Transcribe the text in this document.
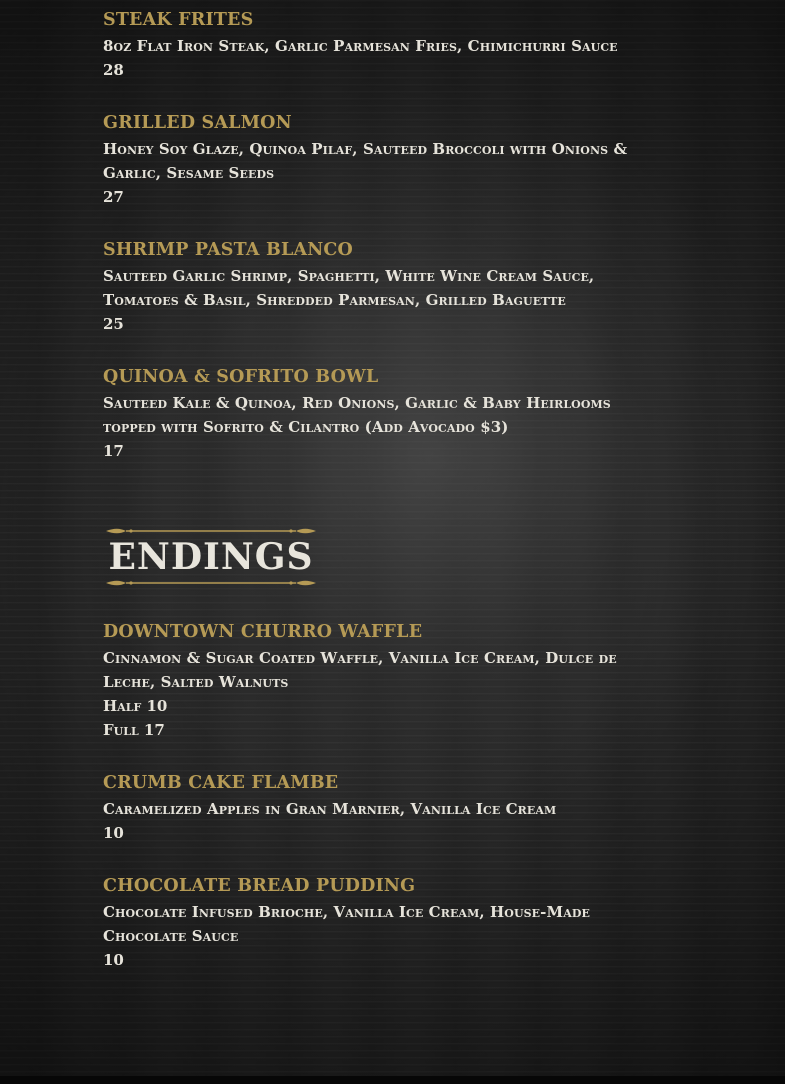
STEAK FRITES
8oz Flat Iron Steak, Garlic Parmesan Fries, Chimichurri Sauce
28
GRILLED SALMON
Honey Soy Glaze, Quinoa Pilaf, Sauteed Broccoli with Onions &
Garlic, Sesame Seeds
27
SHRIMP PASTA BLANCO
Sauteed Garlic Shrimp, Spaghetti, White Wine Cream Sauce,
Tomatoes & Basil, Shredded Parmesan, Grilled Baguette
25
QUINOA & SOFRITO BOWL
Sauteed Kale & Quinoa, Red Onions, Garlic & Baby Heirlooms
topped with Sofrito & Cilantro (Add Avocado $3)
17
ENDINGS
DOWNTOWN CHURRO WAFFLE
Cinnamon & Sugar Coated Waffle, Vanilla Ice Cream, Dulce de
Leche, Salted Walnuts
Half 10
Full 17
CRUMB CAKE FLAMBE
Caramelized Apples in Gran Marnier, Vanilla Ice Cream
10
CHOCOLATE BREAD PUDDING
Chocolate Infused Brioche, Vanilla Ice Cream, House-Made
Chocolate Sauce
10
